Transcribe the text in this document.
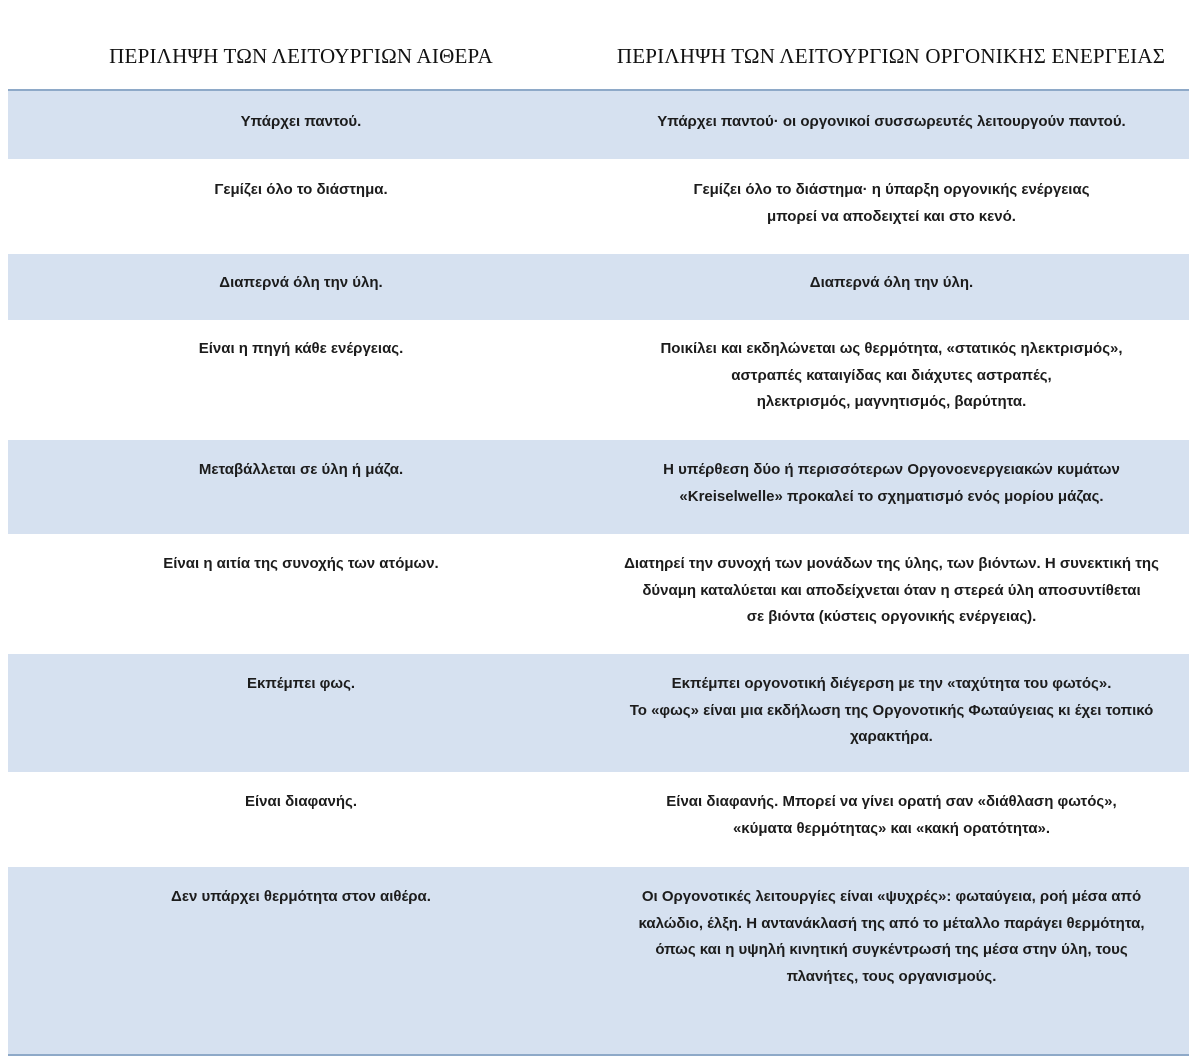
ΠΕΡΙΛΗΨΗ ΤΩΝ ΛΕΙΤΟΥΡΓΙΩΝ ΑΙΘΕΡΑ	ΠΕΡΙΛΗΨΗ ΤΩΝ ΛΕΙΤΟΥΡΓΙΩΝ ΟΡΓΟΝΙΚΗΣ ΕΝΕΡΓΕΙΑΣ
Υπάρχει παντού.	Υπάρχει παντού· οι οργονικοί συσσωρευτές λειτουργούν παντού.
Γεμίζει όλο το διάστημα.	Γεμίζει όλο το διάστημα· η ύπαρξη οργονικής ενέργειας
μπορεί να αποδειχτεί και στο κενό.
Διαπερνά όλη την ύλη.	Διαπερνά όλη την ύλη.
Είναι η πηγή κάθε ενέργειας.	Ποικίλει και εκδηλώνεται ως θερμότητα, «στατικός ηλεκτρισμός»,
αστραπές καταιγίδας και διάχυτες αστραπές,
ηλεκτρισμός, μαγνητισμός, βαρύτητα.
Μεταβάλλεται σε ύλη ή μάζα.	Η υπέρθεση δύο ή περισσότερων Οργονοενεργειακών κυμάτων
«Kreiselwelle» προκαλεί το σχηματισμό ενός μορίου μάζας.
Είναι η αιτία της συνοχής των ατόμων.	Διατηρεί την συνοχή των μονάδων της ύλης, των βιόντων. Η συνεκτική της
δύναμη καταλύεται και αποδείχνεται όταν η στερεά ύλη αποσυντίθεται
σε βιόντα (κύστεις οργονικής ενέργειας).
Εκπέμπει φως.	Εκπέμπει οργονοτική διέγερση με την «ταχύτητα του φωτός».
Το «φως» είναι μια εκδήλωση της Οργονοτικής Φωταύγειας κι έχει τοπικό
χαρακτήρα.
Είναι διαφανής.	Είναι διαφανής. Μπορεί να γίνει ορατή σαν «διάθλαση φωτός»,
«κύματα θερμότητας» και «κακή ορατότητα».
Δεν υπάρχει θερμότητα στον αιθέρα.	Οι Οργονοτικές λειτουργίες είναι «ψυχρές»: φωταύγεια, ροή μέσα από
καλώδιο, έλξη. Η αντανάκλασή της από το μέταλλο παράγει θερμότητα,
όπως και η υψηλή κινητική συγκέντρωσή της μέσα στην ύλη, τους
πλανήτες, τους οργανισμούς.
